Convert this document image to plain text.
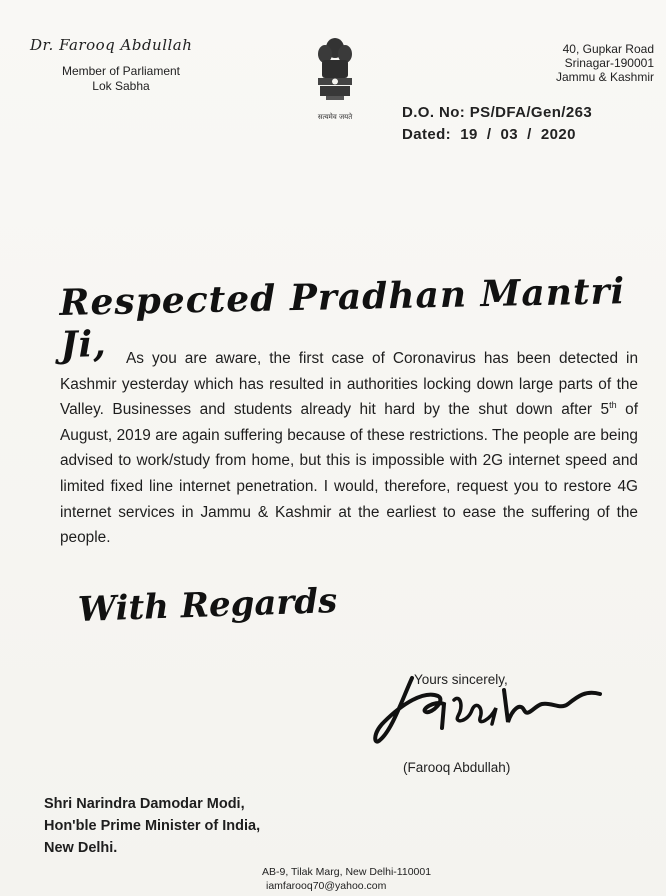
Dr. Farooq Abdullah
Member of Parliament
Lok Sabha
सत्यमेव जयते
40, Gupkar Road
Srinagar-190001
Jammu & Kashmir
D.O. No: PS/DFA/Gen/263
Dated:  19  /  03  /  2020
Respected Pradhan Mantri Ji,	As you are aware, the first case of Coronavirus has been detected in Kashmir yesterday which has resulted in authorities locking down large parts of the Valley. Businesses and students already hit hard by the shut down after 5th of August, 2019 are again suffering because of these restrictions. The people are being advised to work/study from home, but this is impossible with 2G internet speed and limited fixed line internet penetration. I would, therefore, request you to restore 4G internet services in Jammu & Kashmir at the earliest to ease the suffering of the people.
With Regards
Yours sincerely,
(Farooq Abdullah)
Shri Narindra Damodar Modi,
Hon'ble Prime Minister of India,
New Delhi.
AB-9, Tilak Marg, New Delhi-110001
iamfarooq70@yahoo.com
